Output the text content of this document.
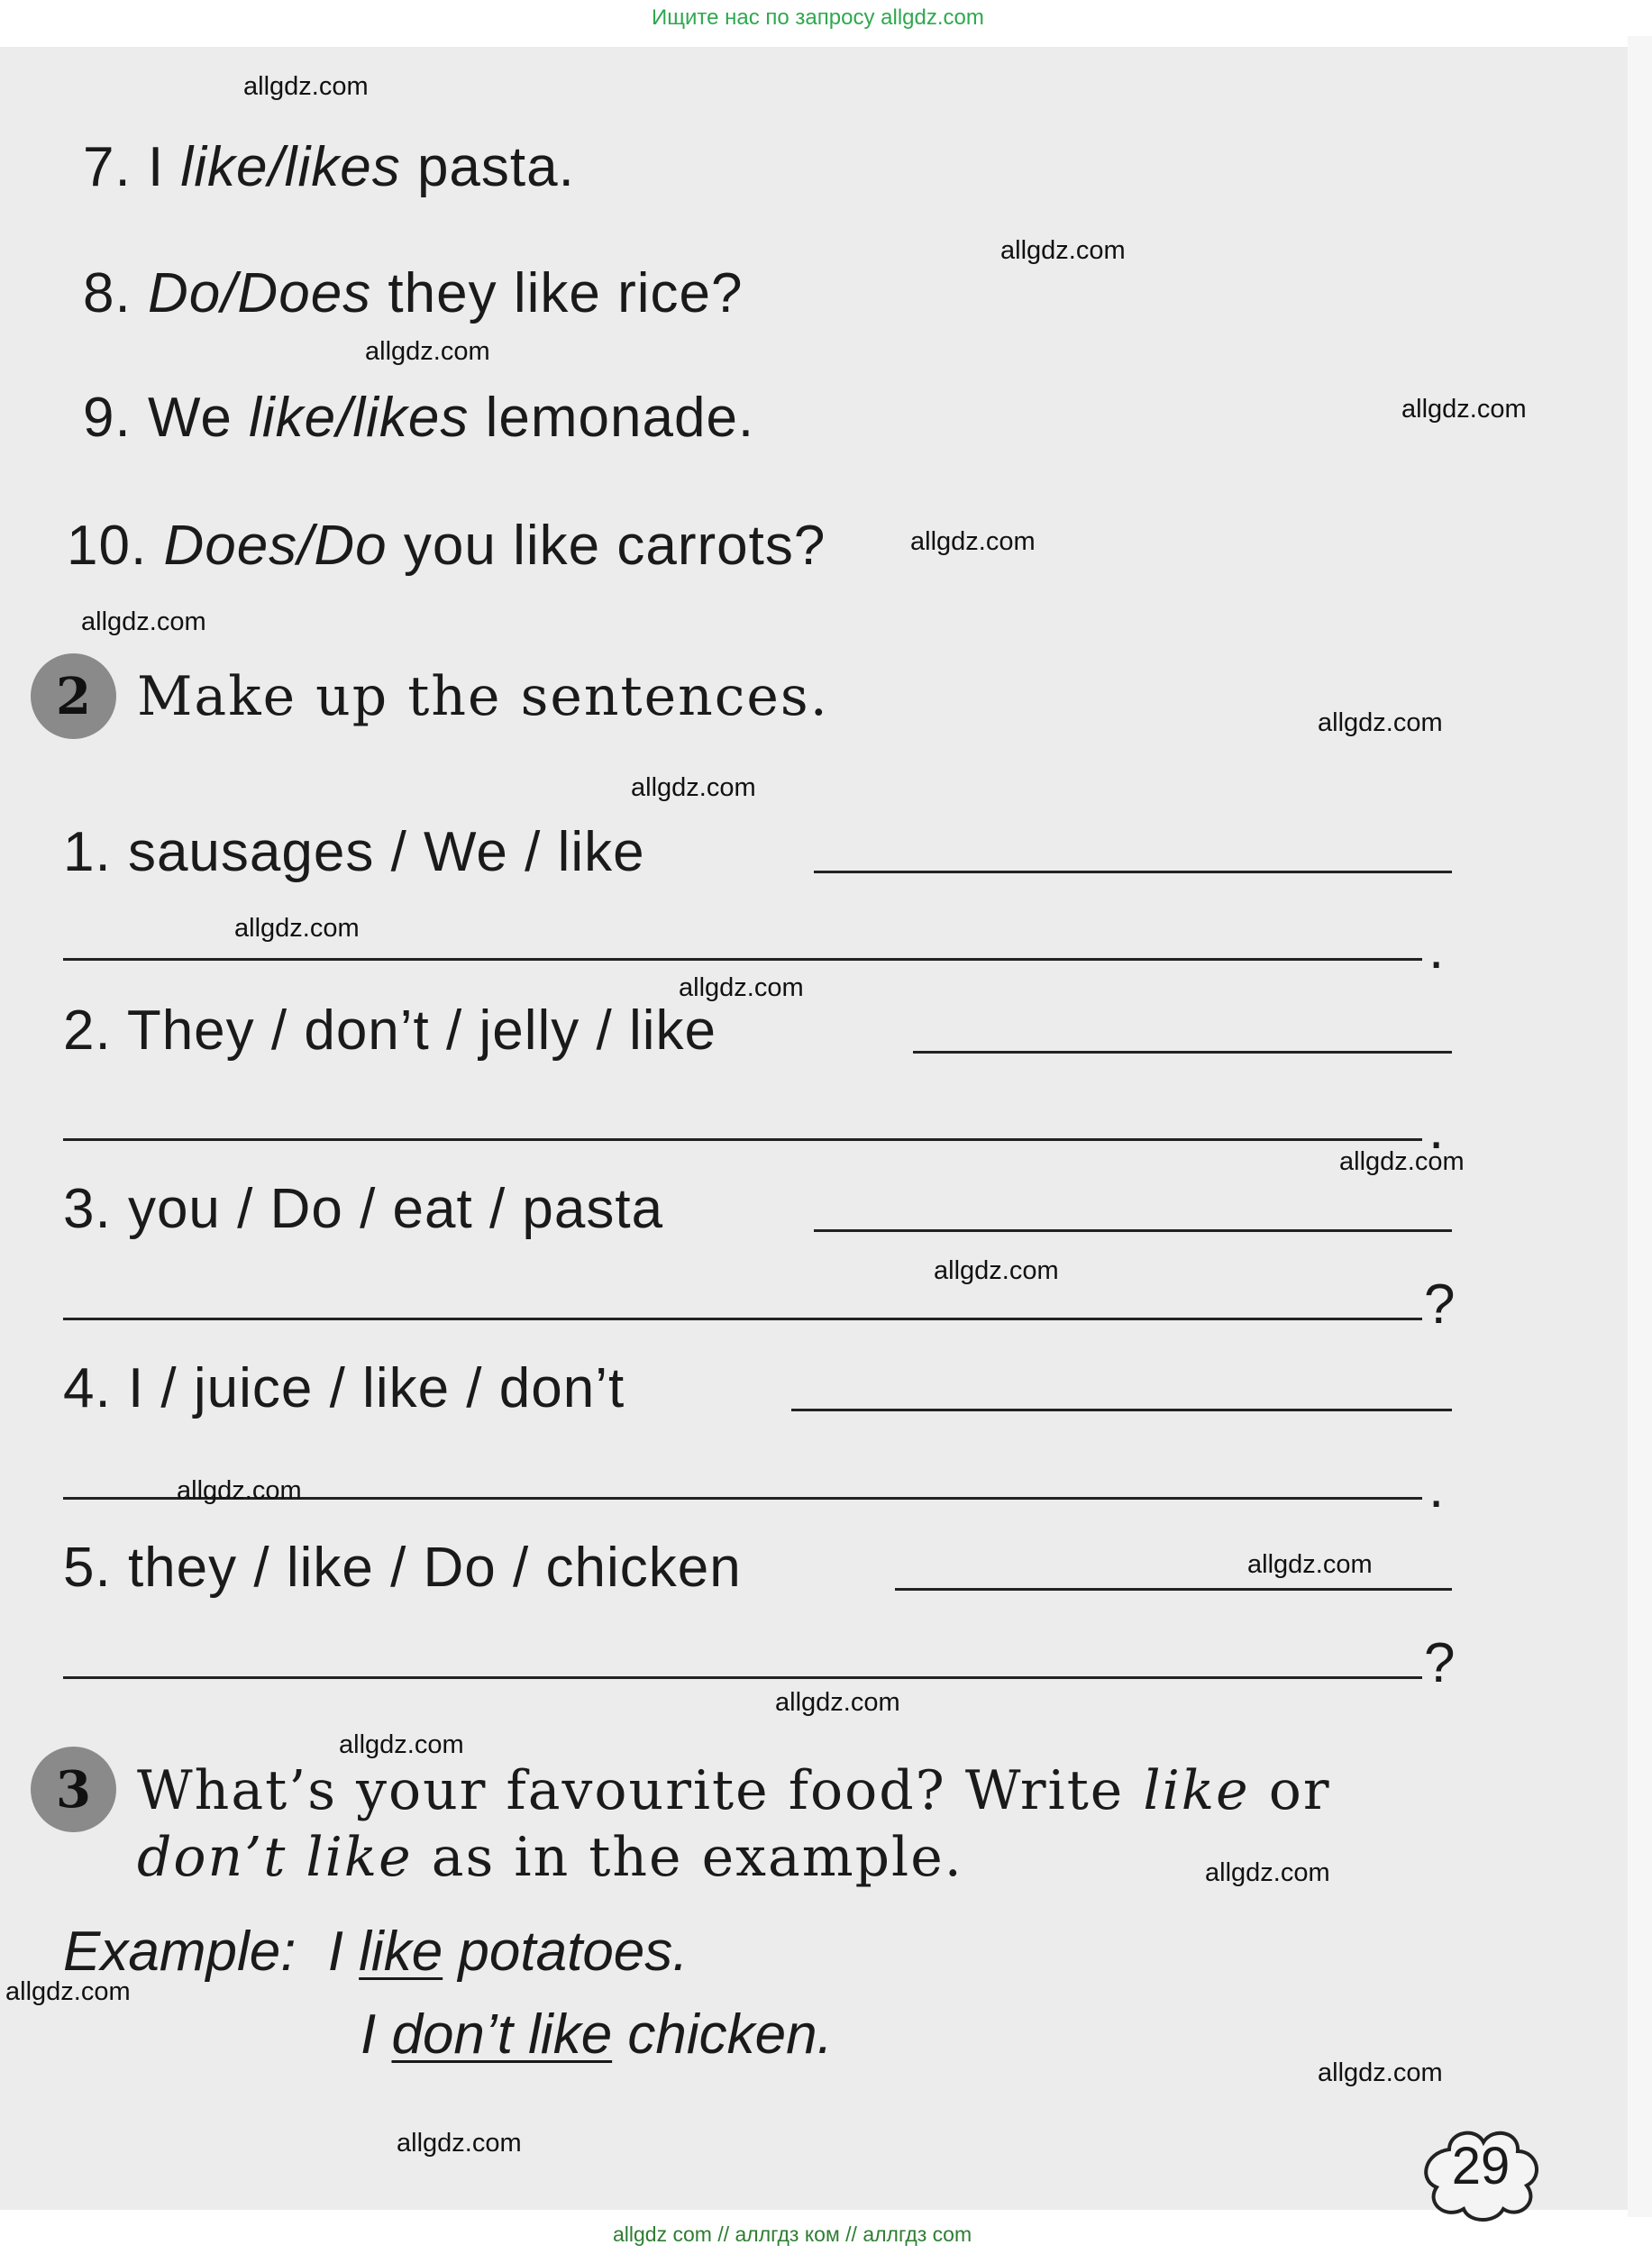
Ищите нас по запросу allgdz.com
7. I like/likes pasta.
8. Do/Does they like rice?
9. We like/likes lemonade.
10. Does/Do you like carrots?
2 Make up the sentences.
1. sausages / We / like
.
2. They / don’t / jelly / like
.
3. you / Do / eat / pasta
?
4. I / juice / like / don’t
.
5. they / like / Do / chicken
?
3 What’s your favourite food? Write like or
don’t like as in the example.
Example: I like potatoes.
I don’t like chicken.
29
allgdz.com
allgdz.com
allgdz.com
allgdz.com
allgdz.com
allgdz.com
allgdz.com
allgdz.com
allgdz.com
allgdz.com
allgdz.com
allgdz.com
allgdz.com
allgdz.com
allgdz.com
allgdz.com
allgdz.com
allgdz.com
allgdz.com
allgdz.com
allgdz com // аллгдз ком // аллгдз com
